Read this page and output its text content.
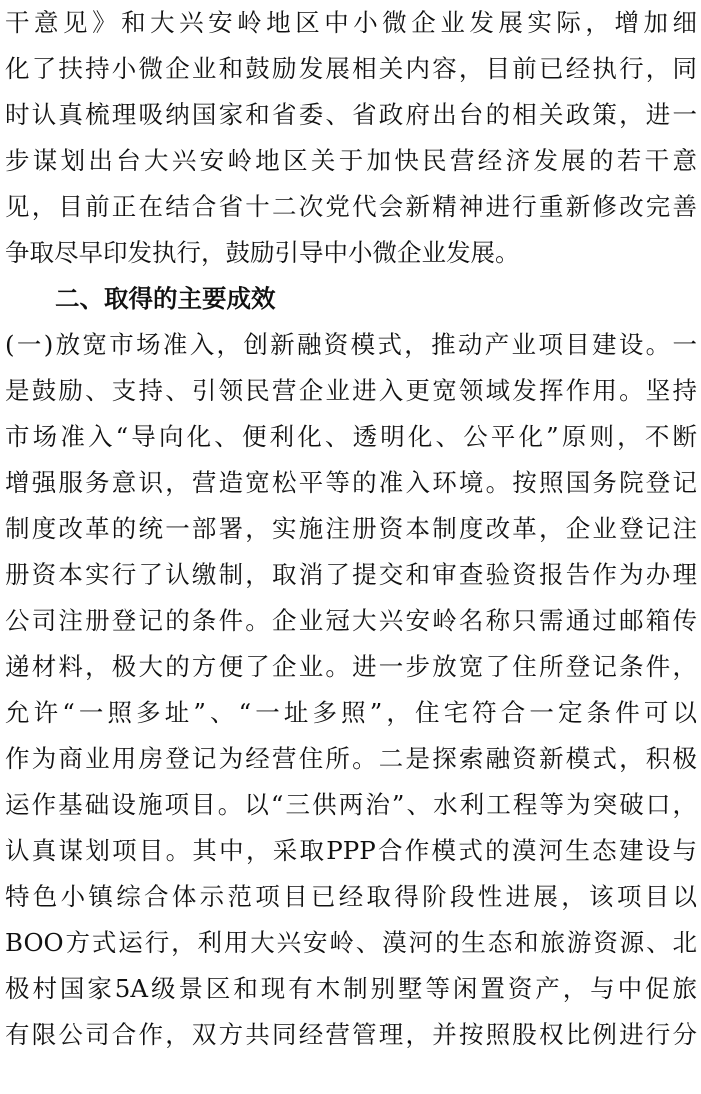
干意见》和大兴安岭地区中小微企业发展实际，增加细
化了扶持小微企业和鼓励发展相关内容，目前已经执行，同
时认真梳理吸纳国家和省委、省政府出台的相关政策，进一
步谋划出台大兴安岭地区关于加快民营经济发展的若干意
见，目前正在结合省十二次党代会新精神进行重新修改完善
争取尽早印发执行，鼓励引导中小微企业发展。
二、取得的主要成效
(一)放宽市场准入，创新融资模式，推动产业项目建设。一
是鼓励、支持、引领民营企业进入更宽领域发挥作用。坚持
市场准入“导向化、便利化、透明化、公平化”原则，不断
增强服务意识，营造宽松平等的准入环境。按照国务院登记
制度改革的统一部署，实施注册资本制度改革，企业登记注
册资本实行了认缴制，取消了提交和审查验资报告作为办理
公司注册登记的条件。企业冠大兴安岭名称只需通过邮箱传
递材料，极大的方便了企业。进一步放宽了住所登记条件，
允许“一照多址”、“一址多照”，住宅符合一定条件可以
作为商业用房登记为经营住所。二是探索融资新模式，积极
运作基础设施项目。以“三供两治”、水利工程等为突破口，
认真谋划项目。其中，采取PPP合作模式的漠河生态建设与
特色小镇综合体示范项目已经取得阶段性进展，该项目以
BOO方式运行，利用大兴安岭、漠河的生态和旅游资源、北
极村国家5A级景区和现有木制别墅等闲置资产，与中促旅
有限公司合作，双方共同经营管理，并按照股权比例进行分
